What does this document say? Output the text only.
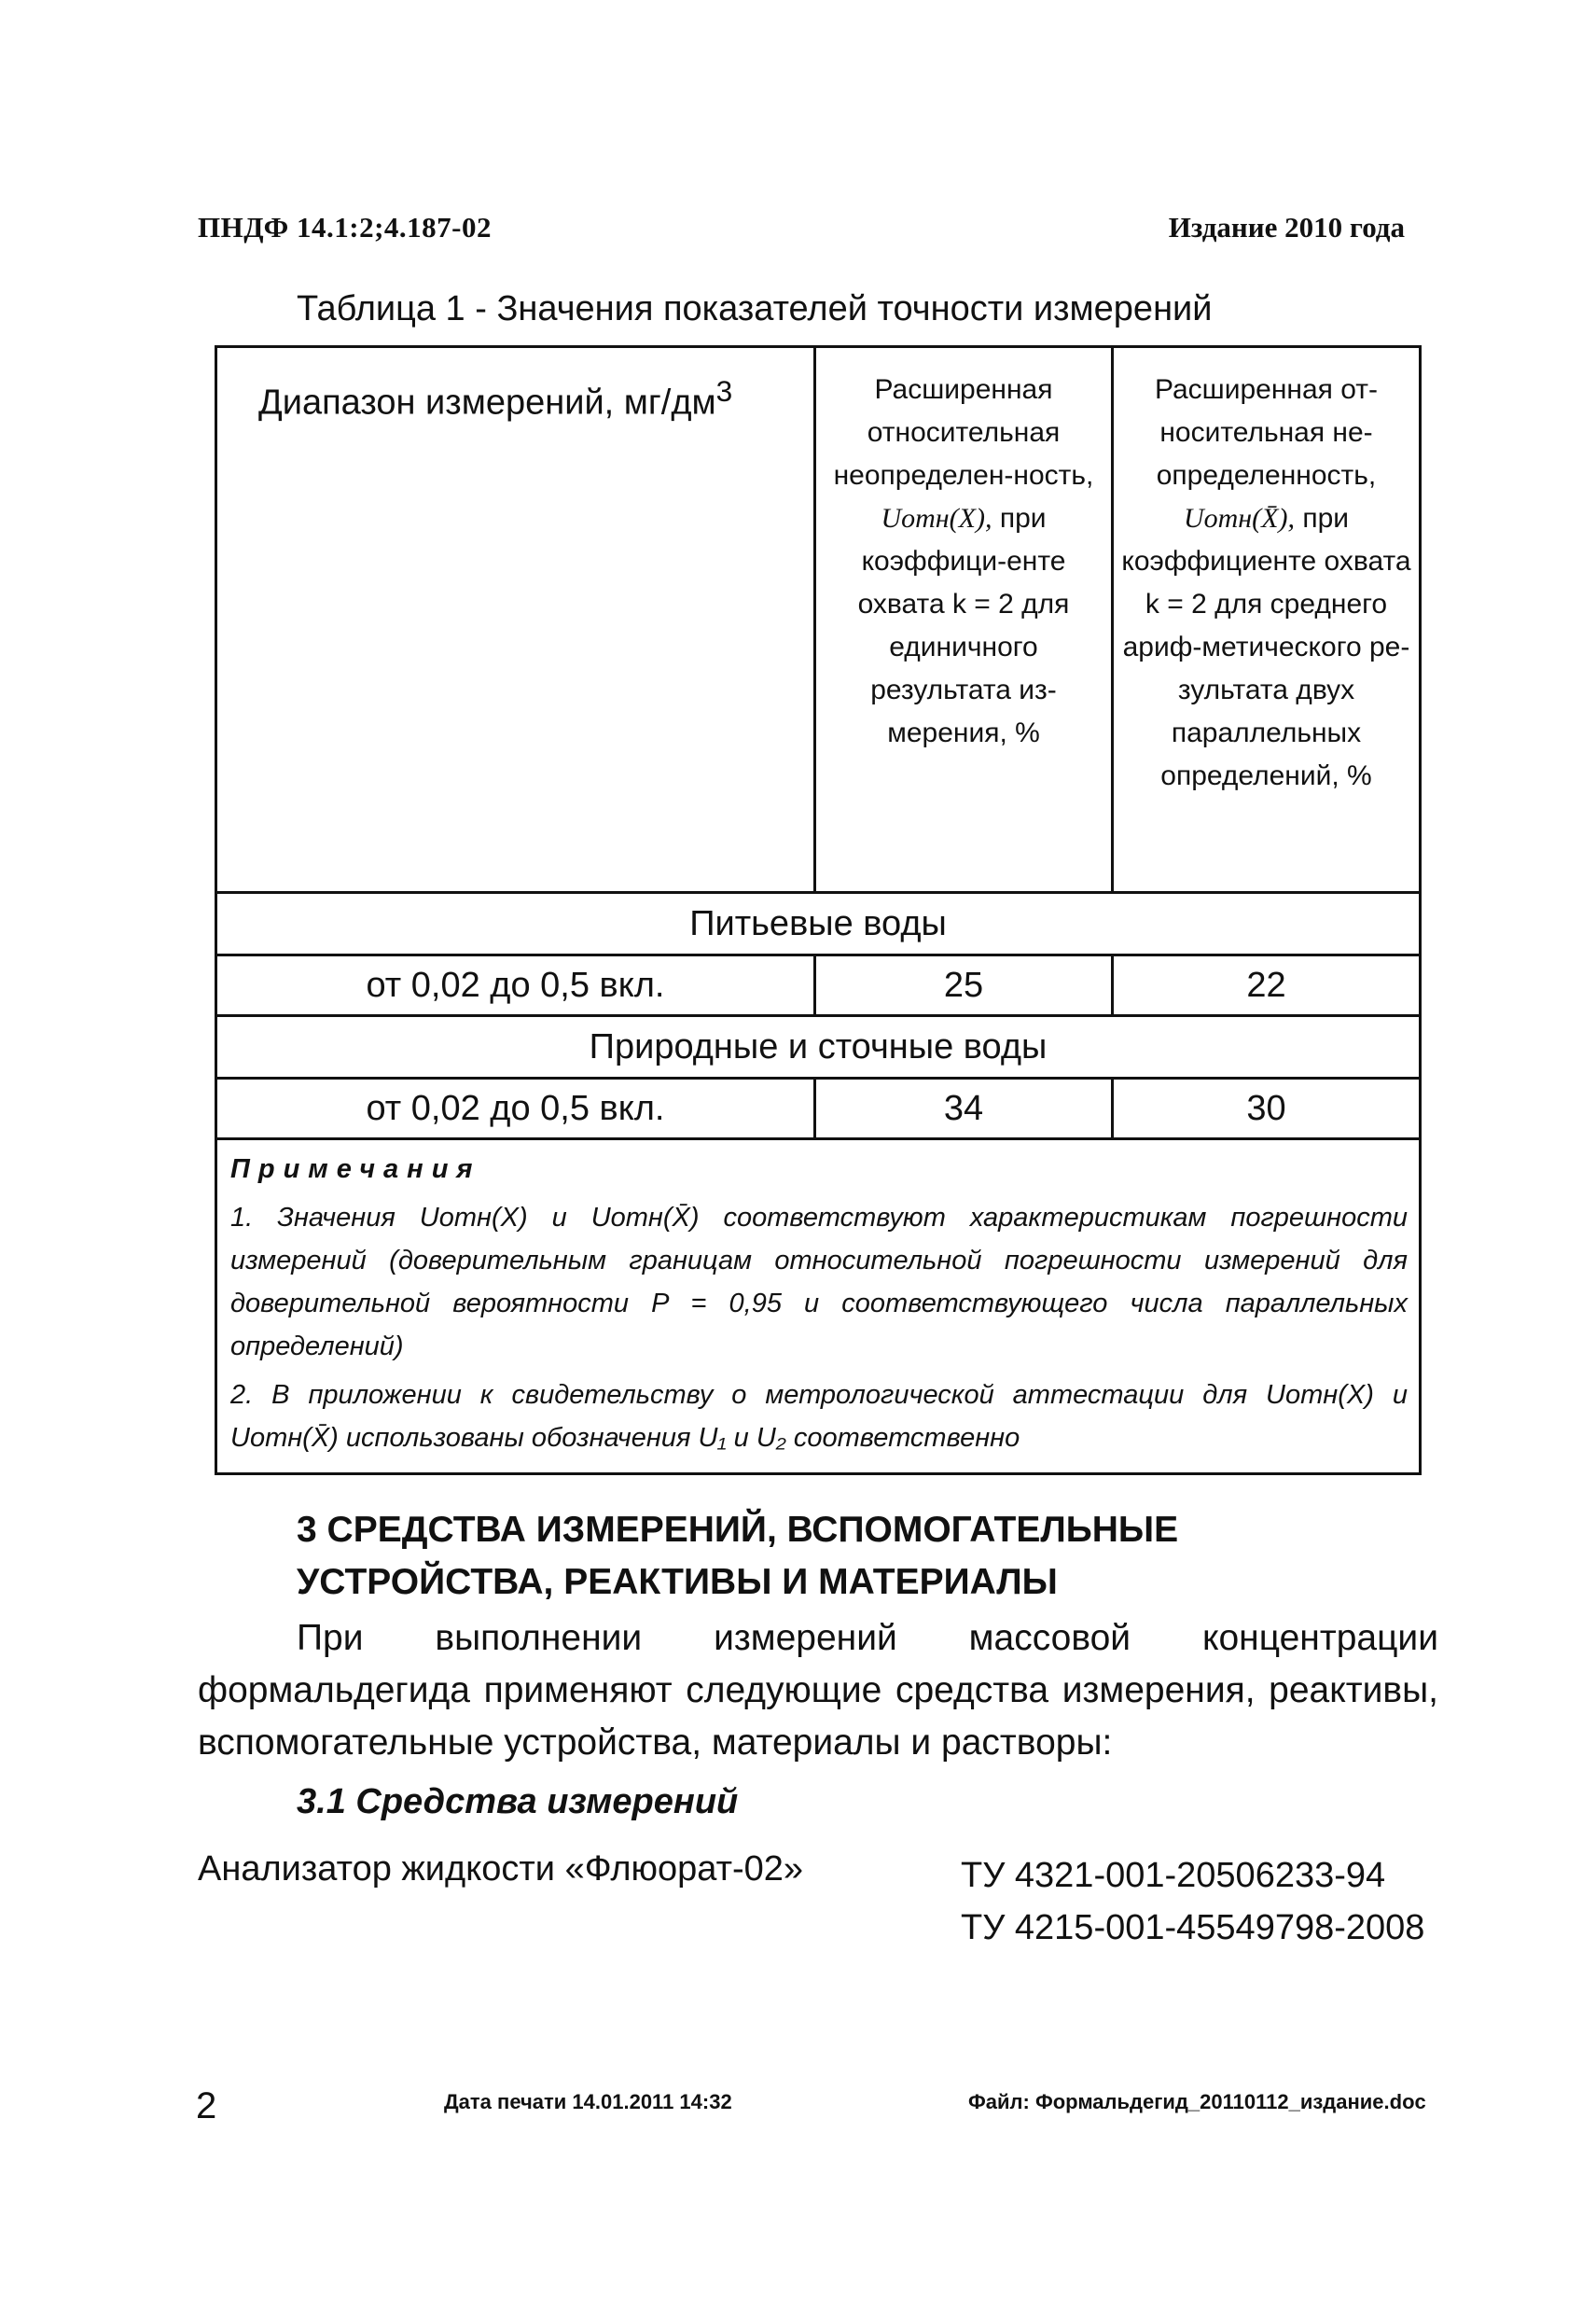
ПНДФ 14.1:2;4.187-02	Издание 2010 года
Таблица 1 - Значения показателей точности измерений
Диапазон измерений, $мг/дм^3$	Расширенная относительная неопределен-ность, Uотн(X), при коэффици-енте охвата k = 2 для единичного результата из-мерения, %	Расширенная от-носительная не-определенность, Uотн(X̄), при коэффициенте охвата k = 2 для среднего ариф-метического ре-зультата двух параллельных определений, %
Питьевые воды		
от 0,02 до 0,5 вкл.	25	22
Природные и сточные воды		
от 0,02 до 0,5 вкл.	34	30

Примечания
1. Значения Uотн(X) и Uотн(X̄) соответствуют характеристикам погрешности измерений (доверительным границам относительной погрешности измерений для доверительной вероятности P = 0,95 и соответствующего числа параллельных определений)
2. В приложении к свидетельству о метрологической аттестации для Uотн(X) и Uотн(X̄) использованы обозначения U₁ и U₂ соответственно		
3 СРЕДСТВА ИЗМЕРЕНИЙ, ВСПОМОГАТЕЛЬНЫЕ
УСТРОЙСТВА, РЕАКТИВЫ И МАТЕРИАЛЫ
При выполнении измерений массовой концентрации формальдегида применяют следующие средства измерения, реактивы, вспомогательные устройства, материалы и растворы:
3.1 Средства измерений
Анализатор жидкости «Флюорат-02»	ТУ 4321-001-20506233-94
ТУ 4215-001-45549798-2008
2	Дата печати 14.01.2011 14:32	Файл: Формальдегид_20110112_издание.doc
